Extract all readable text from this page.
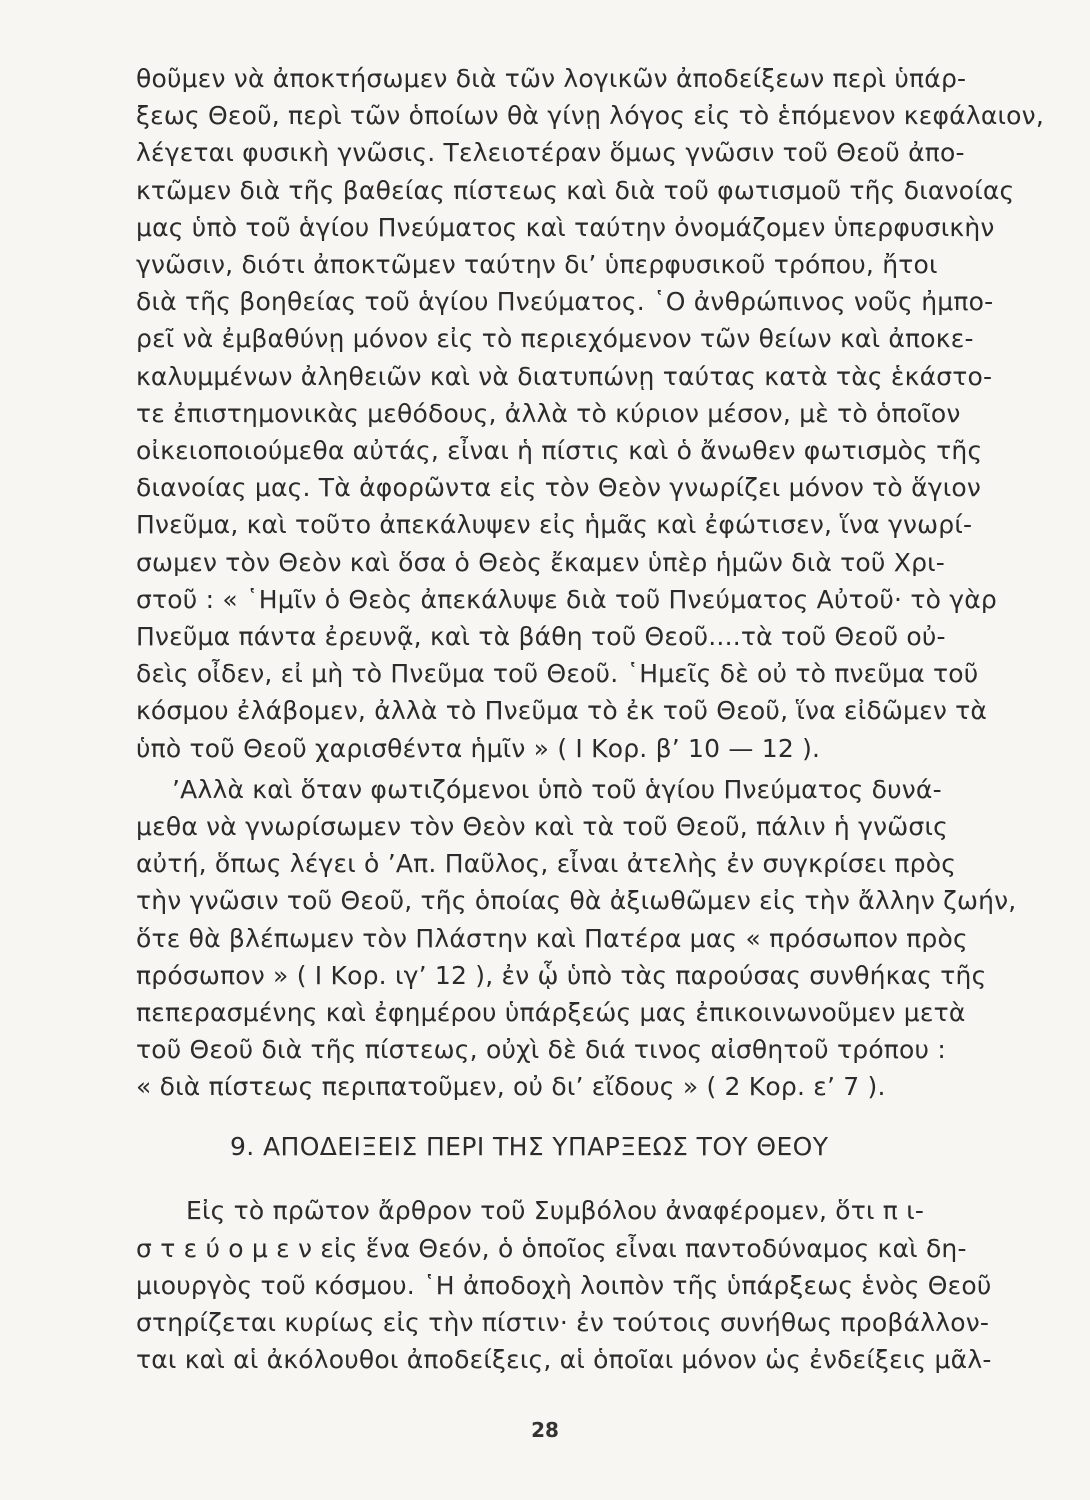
θοῦμεν νὰ ἀποκτήσωμεν διὰ τῶν λογικῶν ἀποδείξεων περὶ ὑπάρ-
ξεως Θεοῦ, περὶ τῶν ὁποίων θὰ γίνῃ λόγος εἰς τὸ ἑπόμενον κεφάλαιον,
λέγεται φυσικὴ γνῶσις. Τελειοτέραν ὅμως γνῶσιν τοῦ Θεοῦ ἀπο-
κτῶμεν διὰ τῆς βαθείας πίστεως καὶ διὰ τοῦ φωτισμοῦ τῆς διανοίας
μας ὑπὸ τοῦ ἁγίου Πνεύματος καὶ ταύτην ὀνομάζομεν ὑπερφυσικὴν
γνῶσιν, διότι ἀποκτῶμεν ταύτην δι’ ὑπερφυσικοῦ τρόπου, ἤτοι
διὰ τῆς βοηθείας τοῦ ἁγίου Πνεύματος. ῾Ο ἀνθρώπινος νοῦς ἠμπο-
ρεῖ νὰ ἐμβαθύνῃ μόνον εἰς τὸ περιεχόμενον τῶν θείων καὶ ἀποκε-
καλυμμένων ἀληθειῶν καὶ νὰ διατυπώνῃ ταύτας κατὰ τὰς ἑκάστο-
τε ἐπιστημονικὰς μεθόδους, ἀλλὰ τὸ κύριον μέσον, μὲ τὸ ὁποῖον
οἰκειοποιούμεθα αὐτάς, εἶναι ἡ πίστις καὶ ὁ ἄνωθεν φωτισμὸς τῆς
διανοίας μας. Τὰ ἀφορῶντα εἰς τὸν Θεὸν γνωρίζει μόνον τὸ ἅγιον
Πνεῦμα, καὶ τοῦτο ἀπεκάλυψεν εἰς ἡμᾶς καὶ ἐφώτισεν, ἵνα γνωρί-
σωμεν τὸν Θεὸν καὶ ὅσα ὁ Θεὸς ἔκαμεν ὑπὲρ ἡμῶν διὰ τοῦ Χρι-
στοῦ : « ῾Ημῖν ὁ Θεὸς ἀπεκάλυψε διὰ τοῦ Πνεύματος Αὐτοῦ· τὸ γὰρ
Πνεῦμα πάντα ἐρευνᾷ, καὶ τὰ βάθη τοῦ Θεοῦ....τὰ τοῦ Θεοῦ οὐ-
δεὶς οἶδεν, εἰ μὴ τὸ Πνεῦμα τοῦ Θεοῦ. ῾Ημεῖς δὲ οὐ τὸ πνεῦμα τοῦ
κόσμου ἐλάβομεν, ἀλλὰ τὸ Πνεῦμα τὸ ἐκ τοῦ Θεοῦ, ἵνα εἰδῶμεν τὰ
ὑπὸ τοῦ Θεοῦ χαρισθέντα ἡμῖν » ( Ι Κορ. β’ 10 — 12 ).
’Αλλὰ καὶ ὅταν φωτιζόμενοι ὑπὸ τοῦ ἁγίου Πνεύματος δυνά-
μεθα νὰ γνωρίσωμεν τὸν Θεὸν καὶ τὰ τοῦ Θεοῦ, πάλιν ἡ γνῶσις
αὐτή, ὅπως λέγει ὁ ’Απ. Παῦλος, εἶναι ἀτελὴς ἐν συγκρίσει πρὸς
τὴν γνῶσιν τοῦ Θεοῦ, τῆς ὁποίας θὰ ἀξιωθῶμεν εἰς τὴν ἄλλην ζωήν,
ὅτε θὰ βλέπωμεν τὸν Πλάστην καὶ Πατέρα μας « πρόσωπον πρὸς
πρόσωπον » ( Ι Κορ. ιγ’ 12 ), ἐν ᾧ ὑπὸ τὰς παρούσας συνθήκας τῆς
πεπερασμένης καὶ ἐφημέρου ὑπάρξεώς μας ἐπικοινωνοῦμεν μετὰ
τοῦ Θεοῦ διὰ τῆς πίστεως, οὐχὶ δὲ διά τινος αἰσθητοῦ τρόπου :
« διὰ πίστεως περιπατοῦμεν, οὐ δι’ εἴδους » ( 2 Κορ. ε’ 7 ).
9. ΑΠΟΔΕΙΞΕΙΣ ΠΕΡΙ ΤΗΣ ΥΠΑΡΞΕΩΣ ΤΟΥ ΘΕΟΥ
28
Εἰς τὸ πρῶτον ἄρθρον τοῦ Συμβόλου ἀναφέρομεν, ὅτι π ι-
σ τ ε ύ ο μ ε ν εἰς ἕνα Θεόν, ὁ ὁποῖος εἶναι παντοδύναμος καὶ δη-
μιουργὸς τοῦ κόσμου. ῾Η ἀποδοχὴ λοιπὸν τῆς ὑπάρξεως ἑνὸς Θεοῦ
στηρίζεται κυρίως εἰς τὴν πίστιν· ἐν τούτοις συνήθως προβάλλον-
ται καὶ αἱ ἀκόλουθοι ἀποδείξεις, αἱ ὁποῖαι μόνον ὡς ἐνδείξεις μᾶλ-
